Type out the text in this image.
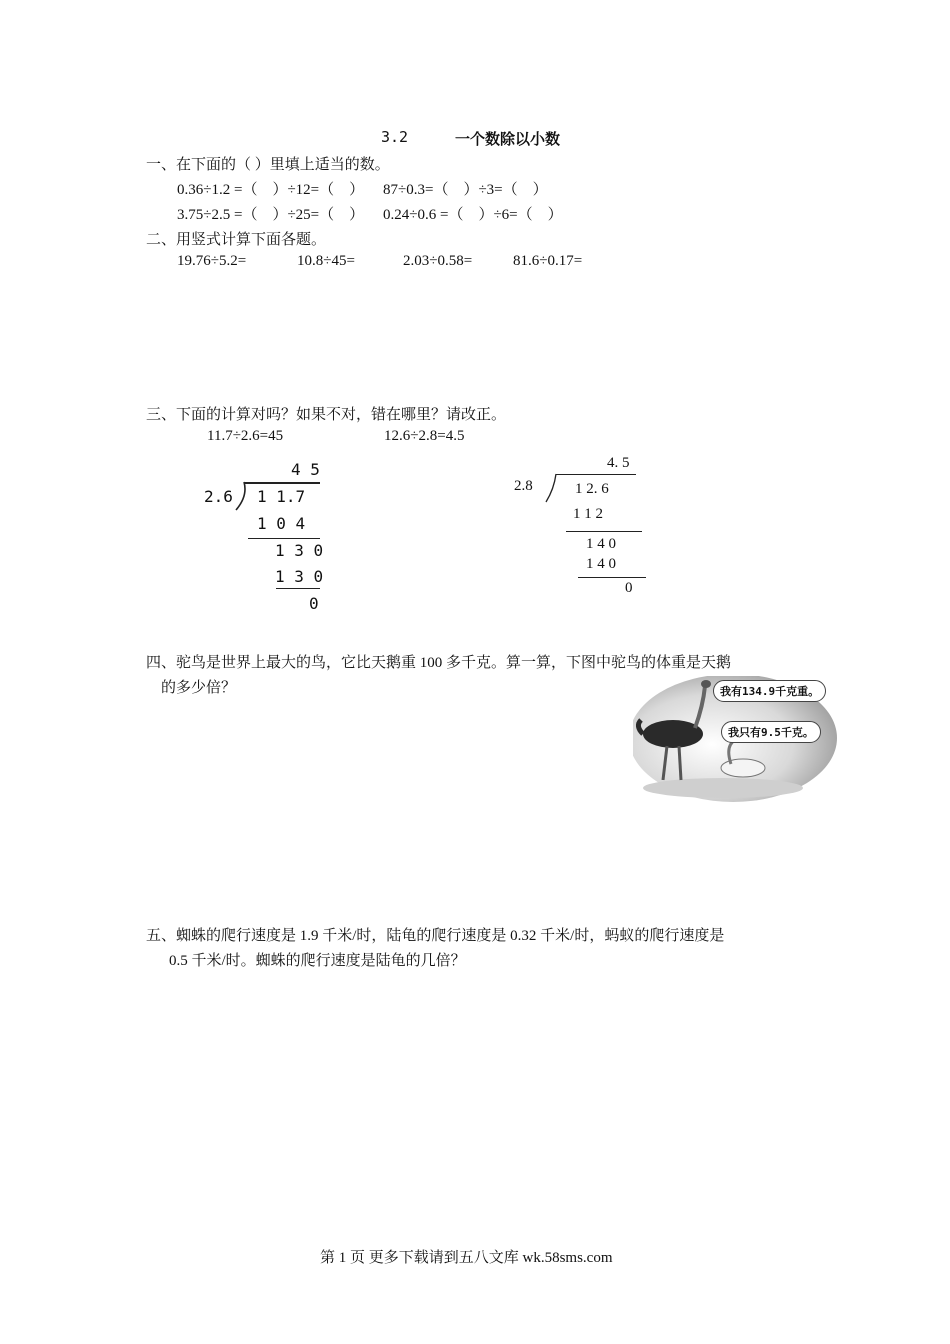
3.2	一个数除以小数
一、在下面的（ ）里填上适当的数。
0.36÷1.2 =（　）÷12=（　） 87÷0.3=（　）÷3=（　）
3.75÷2.5 =（　）÷25=（　） 0.24÷0.6 =（　）÷6=（　）
二、用竖式计算下面各题。
19.76÷5.2=	10.8÷45=	2.03÷0.58=	81.6÷0.17=
三、下面的计算对吗？如果不对，错在哪里？请改正。
11.7÷2.6=45	12.6÷2.8=4.5
4 5
2.6 1 1.7
1 0 4
1 3 0
1 3 0
0
4. 5
2.8	1 2. 6
1 1 2
1 4 0
1 4 0
0
四、驼鸟是世界上最大的鸟，它比天鹅重 100 多千克。算一算，下图中驼鸟的体重是天鹅
的多少倍？	我有134.9千克重。
我只有9.5千克。
五、蜘蛛的爬行速度是 1.9 千米/时，陆龟的爬行速度是 0.32 千米/时，蚂蚁的爬行速度是
0.5 千米/时。蜘蛛的爬行速度是陆龟的几倍？
第 1 页 更多下载请到五八文库 wk.58sms.com
